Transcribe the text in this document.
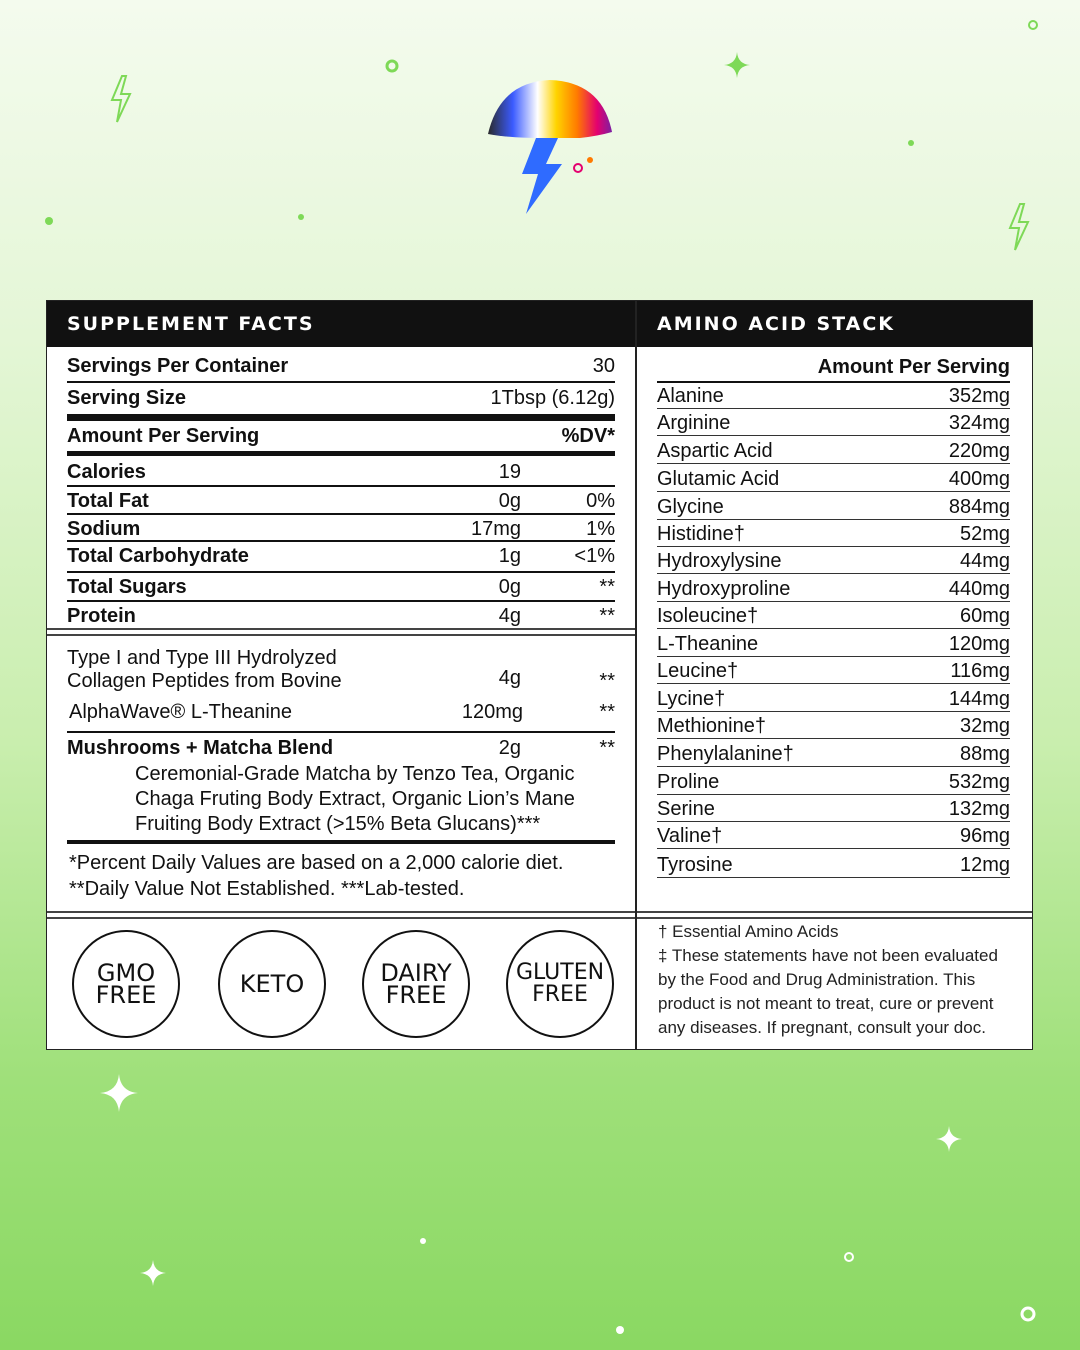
SUPPLEMENT FACTS
Servings Per Container	30
Serving Size	1Tbsp (6.12g)
Amount Per Serving	%DV*
Type I and Type III Hydrolyzed
Collagen Peptides from Bovine	4g	**
AlphaWave® L-Theanine	120mg	**
Mushrooms + Matcha Blend	2g	**
Ceremonial-Grade Matcha by Tenzo Tea, Organic
Chaga Fruting Body Extract, Organic Lion’s Mane
Fruiting Body Extract (>15% Beta Glucans)***
*Percent Daily Values are based on a 2,000 calorie diet.
**Daily Value Not Established. ***Lab-tested.
Calories	19
Total Fat	0g	0%
Sodium	17mg	1%
Total Carbohydrate	1g	<1%
Total Sugars	0g	**
Protein	4g	**
GMO
FREE	KETO	DAIRY
FREE
GLUTEN
FREE
AMINO ACID STACK
Amount Per Serving
Alanine	352mg
Arginine	324mg
Aspartic Acid	220mg
Glutamic Acid	400mg
Glycine	884mg
Histidine†	52mg
Hydroxylysine	44mg
Hydroxyproline	440mg
Isoleucine†	60mg
L-Theanine	120mg
Leucine†	116mg
Lycine†	144mg
Methionine†	32mg
Phenylalanine†	88mg
Proline	532mg
Serine	132mg
Valine†	96mg
Tyrosine	12mg
† Essential Amino Acids
‡ These statements have not been evaluated
by the Food and Drug Administration. This
product is not meant to treat, cure or prevent
any diseases. If pregnant, consult your doc.
